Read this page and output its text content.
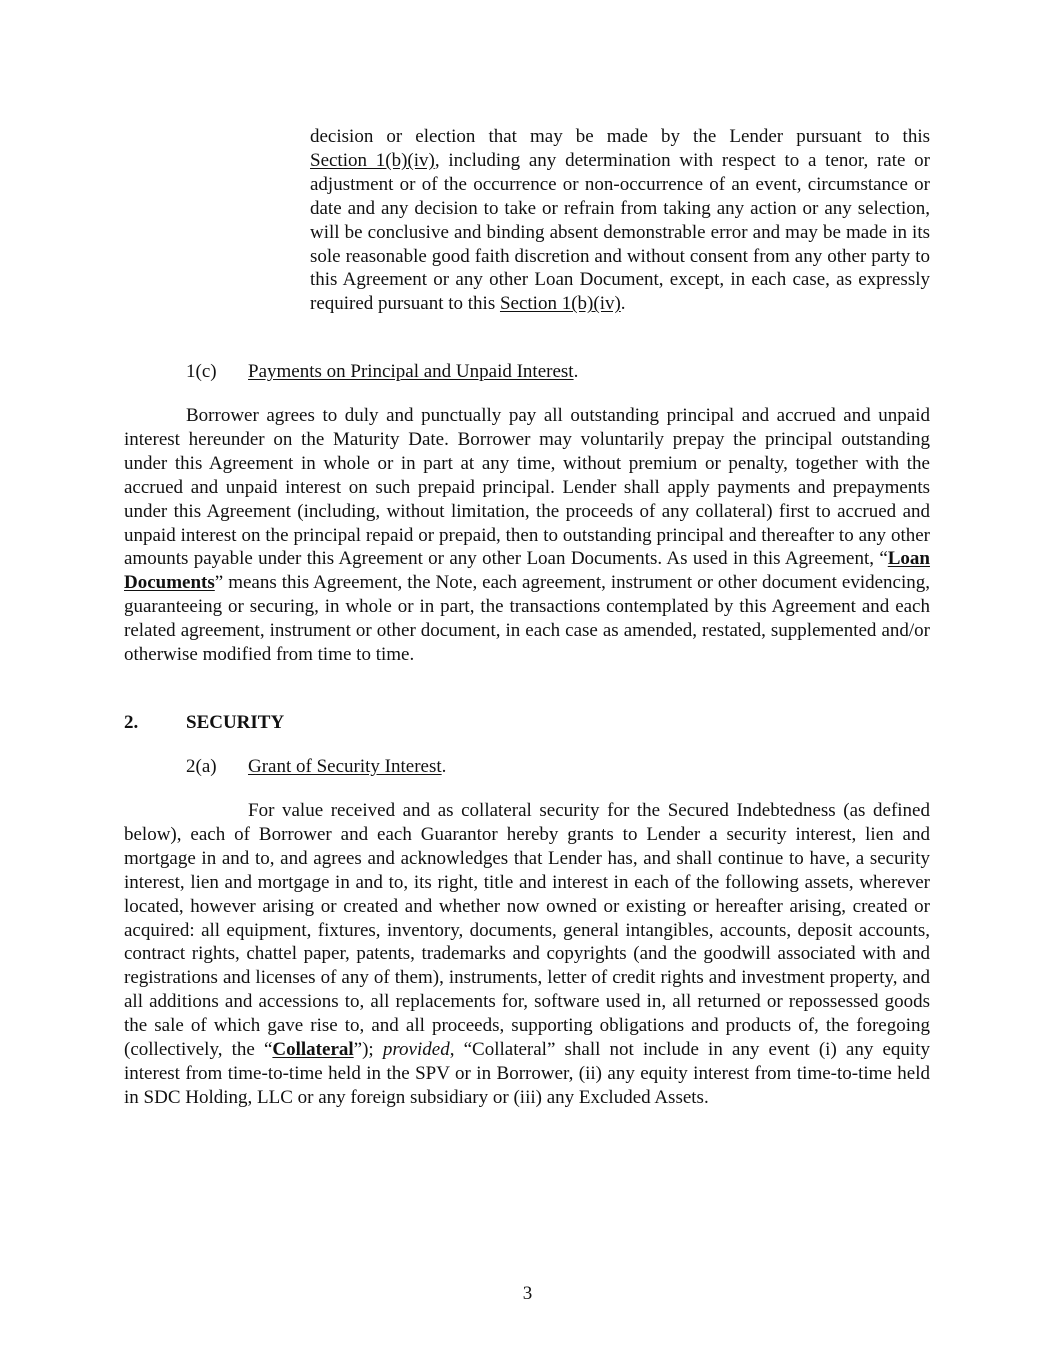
decision or election that may be made by the Lender pursuant to this Section 1(b)(iv), including any determination with respect to a tenor, rate or adjustment or of the occurrence or non-occurrence of an event, circumstance or date and any decision to take or refrain from taking any action or any selection, will be conclusive and binding absent demonstrable error and may be made in its sole reasonable good faith discretion and without consent from any other party to this Agreement or any other Loan Document, except, in each case, as expressly required pursuant to this Section 1(b)(iv).

1(c) Payments on Principal and Unpaid Interest.

Borrower agrees to duly and punctually pay all outstanding principal and accrued and unpaid interest hereunder on the Maturity Date. Borrower may voluntarily prepay the principal outstanding under this Agreement in whole or in part at any time, without premium or penalty, together with the accrued and unpaid interest on such prepaid principal. Lender shall apply payments and prepayments under this Agreement (including, without limitation, the proceeds of any collateral) first to accrued and unpaid interest on the principal repaid or prepaid, then to outstanding principal and thereafter to any other amounts payable under this Agreement or any other Loan Documents. As used in this Agreement, “Loan Documents” means this Agreement, the Note, each agreement, instrument or other document evidencing, guaranteeing or securing, in whole or in part, the transactions contemplated by this Agreement and each related agreement, instrument or other document, in each case as amended, restated, supplemented and/or otherwise modified from time to time.

2.	SECURITY

2(a) Grant of Security Interest.

For value received and as collateral security for the Secured Indebtedness (as defined below), each of Borrower and each Guarantor hereby grants to Lender a security interest, lien and mortgage in and to, and agrees and acknowledges that Lender has, and shall continue to have, a security interest, lien and mortgage in and to, its right, title and interest in each of the following assets, wherever located, however arising or created and whether now owned or existing or hereafter arising, created or acquired: all equipment, fixtures, inventory, documents, general intangibles, accounts, deposit accounts, contract rights, chattel paper, patents, trademarks and copyrights (and the goodwill associated with and registrations and licenses of any of them), instruments, letter of credit rights and investment property, and all additions and accessions to, all replacements for, software used in, all returned or repossessed goods the sale of which gave rise to, and all proceeds, supporting obligations and products of, the foregoing (collectively, the “Collateral”); provided, “Collateral” shall not include in any event (i) any equity interest from time-to-time held in the SPV or in Borrower, (ii) any equity interest from time-to-time held in SDC Holding, LLC or any foreign subsidiary or (iii) any Excluded Assets.

3
